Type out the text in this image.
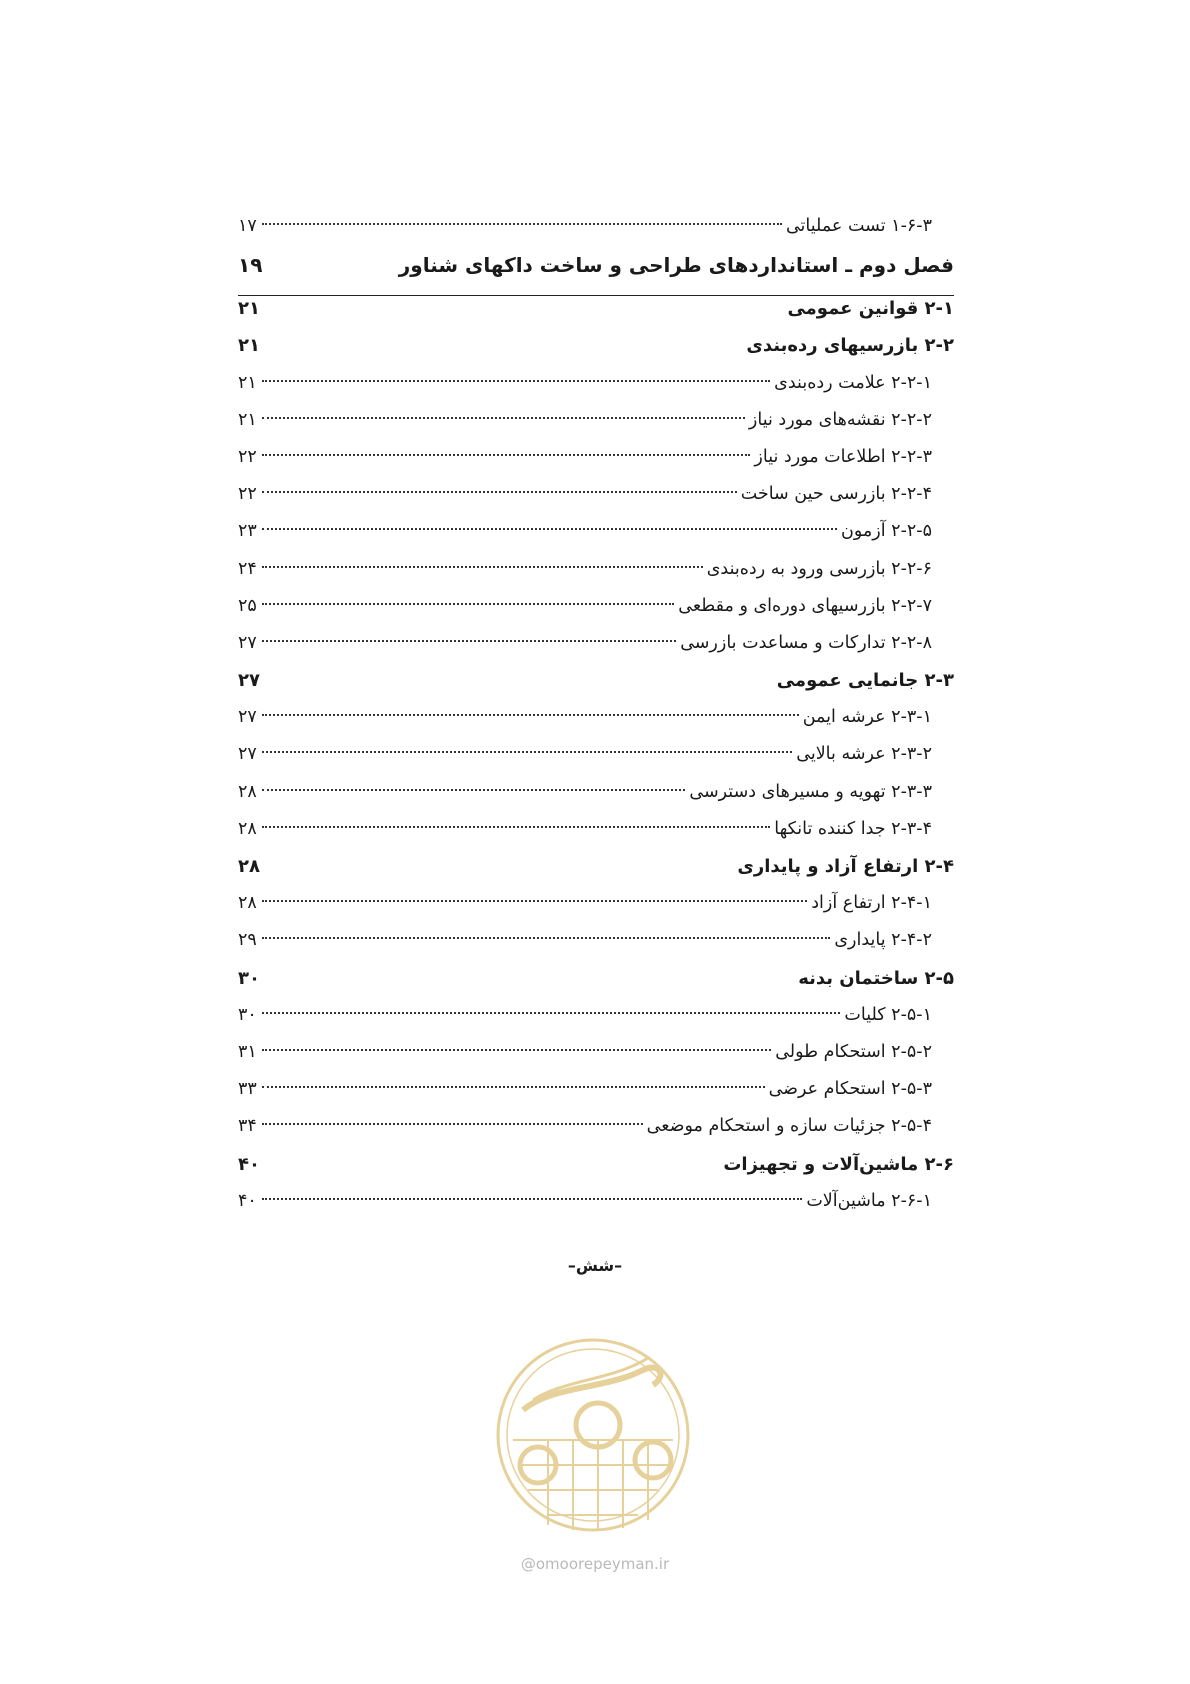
۱-۶-۳ تست عملیاتی
۱۷
فصل دوم ـ استانداردهای طراحی و ساخت داکهای شناور
۱۹
۲-۱ قوانین عمومی
۲۱
۲-۲ بازرسیهای رده‌بندی
۲۱
۲-۲-۱ علامت رده‌بندی
۲۱
۲-۲-۲ نقشه‌های مورد نیاز
۲۱
۲-۲-۳ اطلاعات مورد نیاز
۲۲
۲-۲-۴ بازرسی حین ساخت
۲۲
۲-۲-۵ آزمون
۲۳
۲-۲-۶ بازرسی ورود به رده‌بندی
۲۴
۲-۲-۷ بازرسیهای دوره‌ای و مقطعی
۲۵
۲-۲-۸ تدارکات و مساعدت بازرسی
۲۷
۲-۳ جانمایی عمومی
۲۷
۲-۳-۱ عرشه ایمن
۲۷
۲-۳-۲ عرشه بالایی
۲۷
۲-۳-۳ تهویه و مسیرهای دسترسی
۲۸
۲-۳-۴ جدا کننده تانکها
۲۸
۲-۴ ارتفاع آزاد و پایداری
۲۸
۲-۴-۱ ارتفاع آزاد
۲۸
۲-۴-۲ پایداری
۲۹
۲-۵ ساختمان بدنه
۳۰
۲-۵-۱ کلیات
۳۰
۲-۵-۲ استحکام طولی
۳۱
۲-۵-۳ استحکام عرضی
۳۳
۲-۵-۴ جزئیات سازه و استحکام موضعی
۳۴
۲-۶ ماشین‌آلات و تجهیزات
۴۰
۲-۶-۱ ماشین‌آلات
۴۰
–شش–
@omoorepeyman.ir
